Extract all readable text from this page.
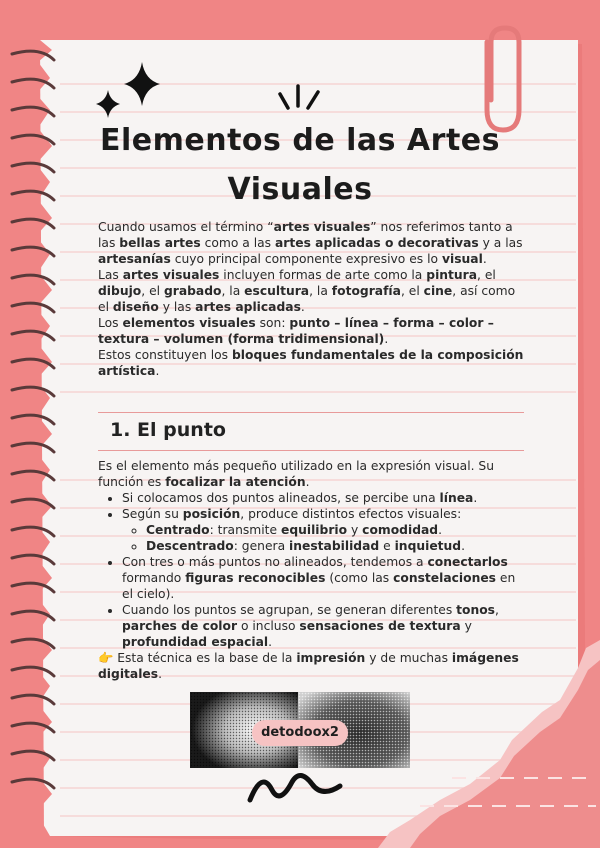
Elementos de las Artes
Visuales

Cuando usamos el término “artes visuales” nos referimos tanto a las bellas artes como a las artes aplicadas o decorativas y a las artesanías cuyo principal componente expresivo es lo visual.

Las artes visuales incluyen formas de arte como la pintura, el dibujo, el grabado, la escultura, la fotografía, el cine, así como el diseño y las artes aplicadas.

Los elementos visuales son: punto – línea – forma – color – textura – volumen (forma tridimensional).

Estos constituyen los bloques fundamentales de la composición artística.

1. El punto

Es el elemento más pequeño utilizado en la expresión visual. Su función es focalizar la atención.

• Si colocamos dos puntos alineados, se percibe una línea.
• Según su posición, produce distintos efectos visuales:
◦ Centrado: transmite equilibrio y comodidad.
◦ Descentrado: genera inestabilidad e inquietud.
• Con tres o más puntos no alineados, tendemos a conectarlos formando figuras reconocibles (como las constelaciones en el cielo).
• Cuando los puntos se agrupan, se generan diferentes tonos, parches de color o incluso sensaciones de textura y profundidad espacial.

👉 Esta técnica es la base de la impresión y de muchas imágenes digitales.

detodoox2
